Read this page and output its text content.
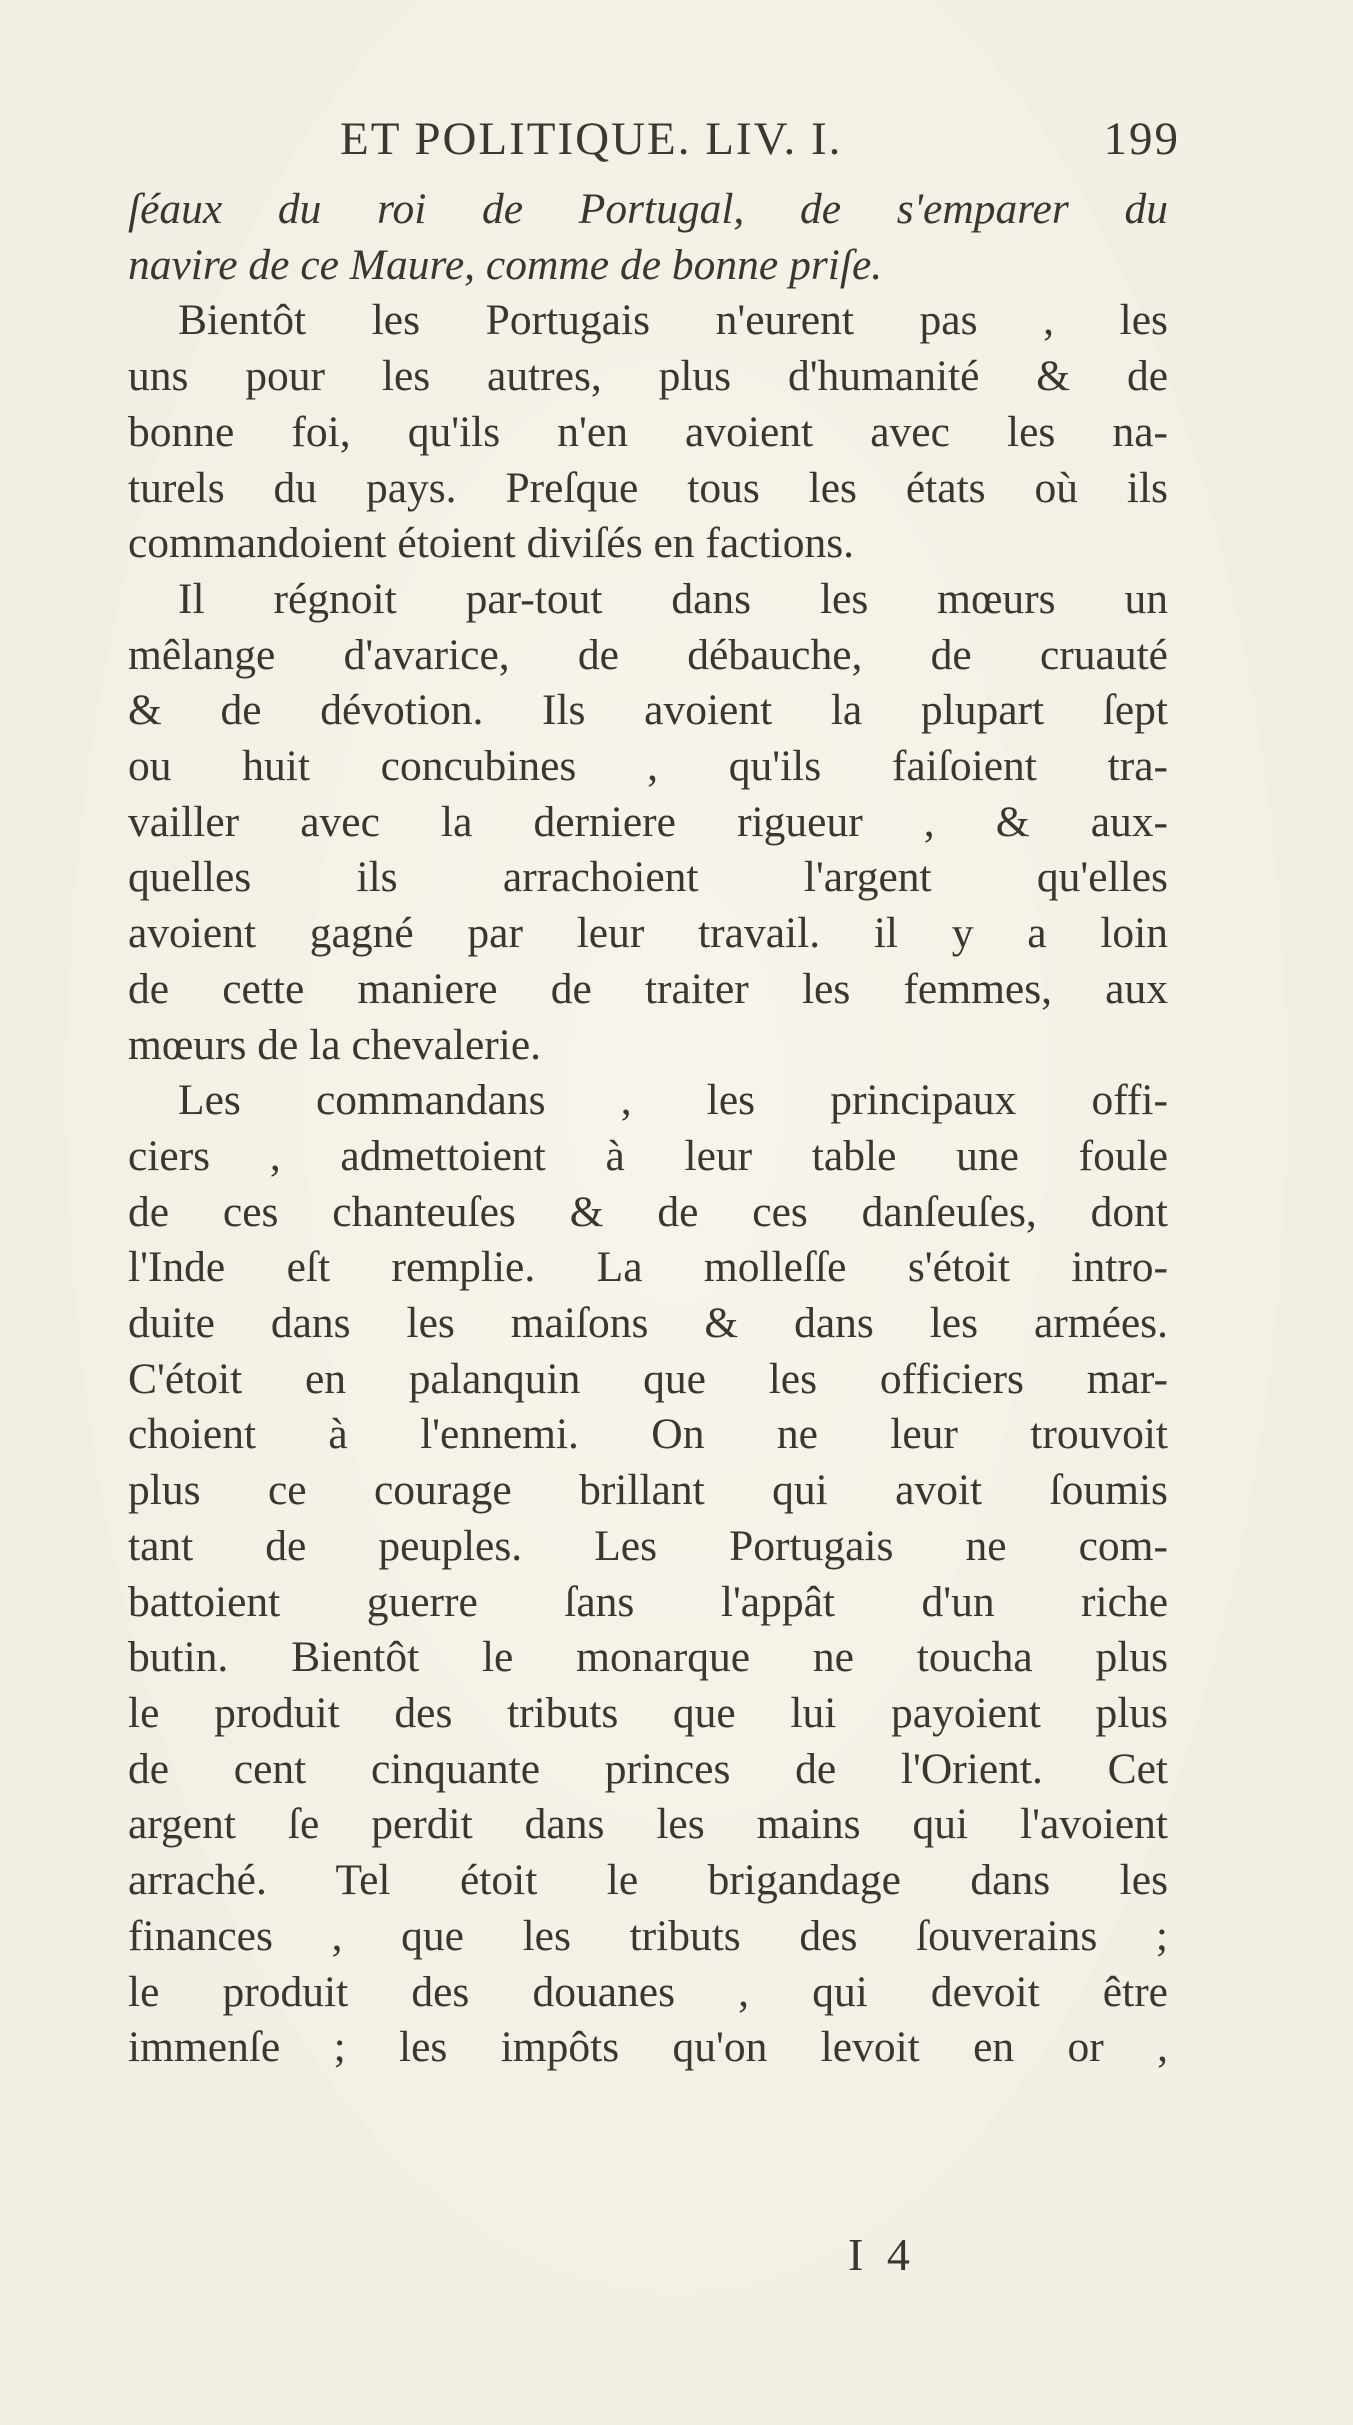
ET POLITIQUE. LIV. I.	199
ſéaux du roi de Portugal, de s'emparer du
navire de ce Maure, comme de bonne priſe.
Bientôt les Portugais n'eurent pas , les
uns pour les autres, plus d'humanité & de
bonne foi, qu'ils n'en avoient avec les na-
turels du pays. Preſque tous les états où ils
commandoient étoient diviſés en factions.
Il régnoit par-tout dans les mœurs un
mêlange d'avarice, de débauche, de cruauté
& de dévotion. Ils avoient la plupart ſept
ou huit concubines , qu'ils faiſoient tra-
vailler avec la derniere rigueur , & aux-
quelles ils arrachoient l'argent qu'elles
avoient gagné par leur travail. il y a loin
de cette maniere de traiter les femmes, aux
mœurs de la chevalerie.
Les commandans , les principaux offi-
ciers , admettoient à leur table une foule
de ces chanteuſes & de ces danſeuſes, dont
l'Inde eſt remplie. La molleſſe s'étoit intro-
duite dans les maiſons & dans les armées.
C'étoit en palanquin que les officiers mar-
choient à l'ennemi. On ne leur trouvoit
plus ce courage brillant qui avoit ſoumis
tant de peuples. Les Portugais ne com-
battoient guerre ſans l'appât d'un riche
butin. Bientôt le monarque ne toucha plus
le produit des tributs que lui payoient plus
de cent cinquante princes de l'Orient. Cet
argent ſe perdit dans les mains qui l'avoient
arraché. Tel étoit le brigandage dans les
finances , que les tributs des ſouverains ;
le produit des douanes , qui devoit être
immenſe ; les impôts qu'on levoit en or ,
I 4
